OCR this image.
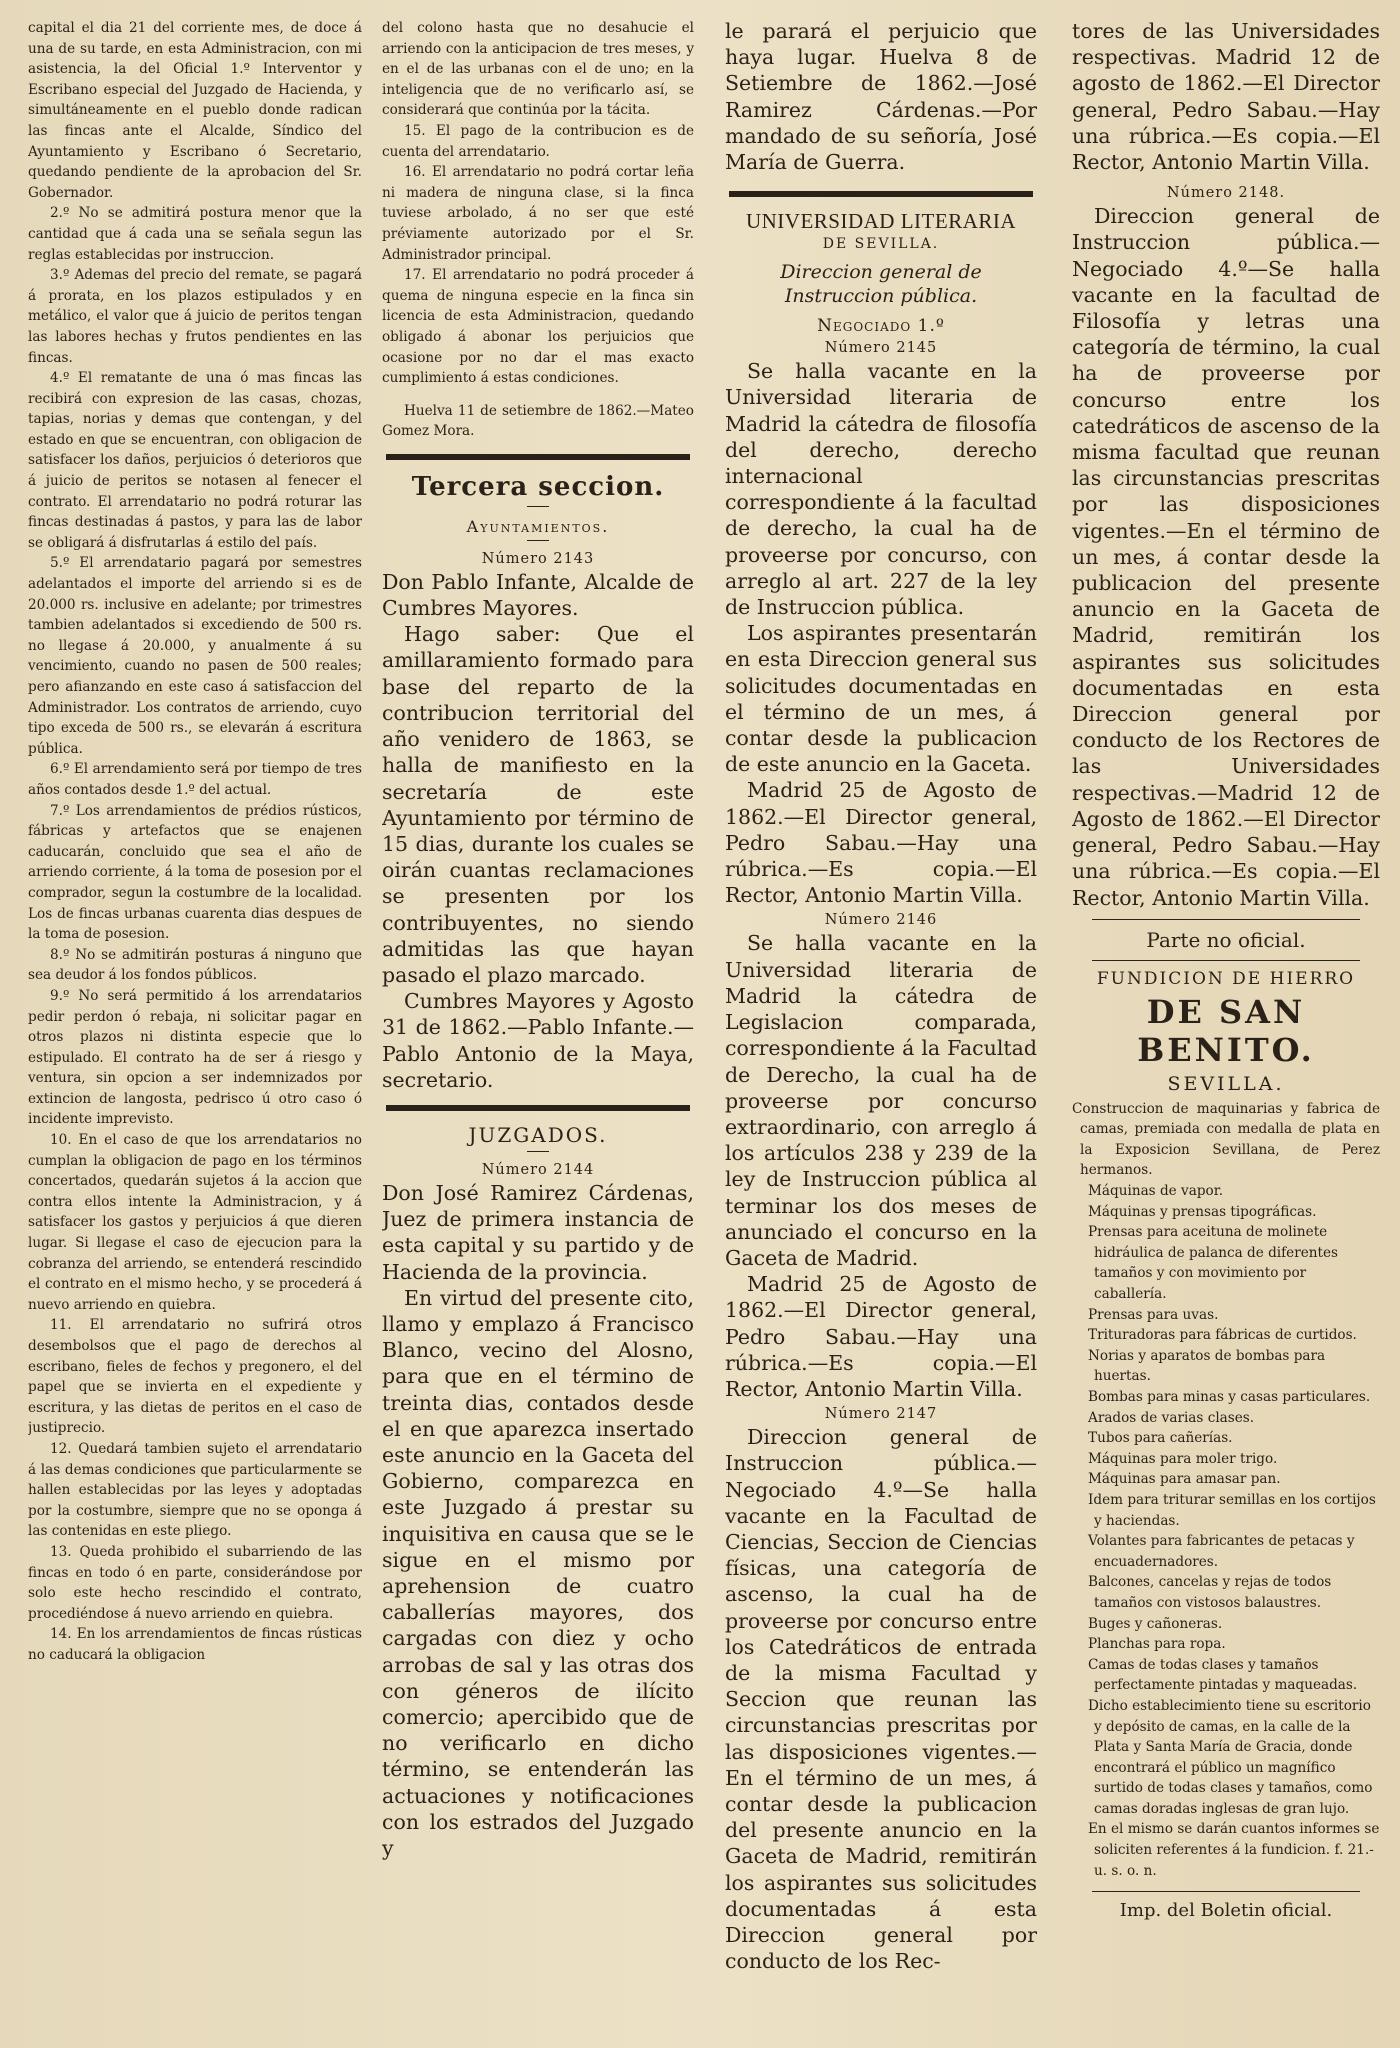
capital el dia 21 del corriente mes, de doce á una de su tarde, en esta Administracion, con mi asistencia, la del Oficial 1.º Interventor y Escribano especial del Juzgado de Hacienda, y simultáneamente en el pueblo donde radican las fincas ante el Alcalde, Síndico del Ayuntamiento y Escribano ó Secretario, quedando pendiente de la aprobacion del Sr. Gobernador.

2.º No se admitirá postura menor que la cantidad que á cada una se señala segun las reglas establecidas por instruccion.

3.º Ademas del precio del remate, se pagará á prorata, en los plazos estipulados y en metálico, el valor que á juicio de peritos tengan las labores hechas y frutos pendientes en las fincas.

4.º El rematante de una ó mas fincas las recibirá con expresion de las casas, chozas, tapias, norias y demas que contengan, y del estado en que se encuentran, con obligacion de satisfacer los daños, perjuicios ó deterioros que á juicio de peritos se notasen al fenecer el contrato. El arrendatario no podrá roturar las fincas destinadas á pastos, y para las de labor se obligará á disfrutarlas á estilo del país.

5.º El arrendatario pagará por semestres adelantados el importe del arriendo si es de 20.000 rs. inclusive en adelante; por trimestres tambien adelantados si excediendo de 500 rs. no llegase á 20.000, y anualmente á su vencimiento, cuando no pasen de 500 reales; pero afianzando en este caso á satisfaccion del Administrador. Los contratos de arriendo, cuyo tipo exceda de 500 rs., se elevarán á escritura pública.

6.º El arrendamiento será por tiempo de tres años contados desde 1.º del actual.

7.º Los arrendamientos de prédios rústicos, fábricas y artefactos que se enajenen caducarán, concluido que sea el año de arriendo corriente, á la toma de posesion por el comprador, segun la costumbre de la localidad. Los de fincas urbanas cuarenta dias despues de la toma de posesion.

8.º No se admitirán posturas á ninguno que sea deudor á los fondos públicos.

9.º No será permitido á los arrendatarios pedir perdon ó rebaja, ni solicitar pagar en otros plazos ni distinta especie que lo estipulado. El contrato ha de ser á riesgo y ventura, sin opcion a ser indemnizados por extincion de langosta, pedrisco ú otro caso ó incidente imprevisto.

10. En el caso de que los arrendatarios no cumplan la obligacion de pago en los términos concertados, quedarán sujetos á la accion que contra ellos intente la Administracion, y á satisfacer los gastos y perjuicios á que dieren lugar. Si llegase el caso de ejecucion para la cobranza del arriendo, se entenderá rescindido el contrato en el mismo hecho, y se procederá á nuevo arriendo en quiebra.

11. El arrendatario no sufrirá otros desembolsos que el pago de derechos al escribano, fieles de fechos y pregonero, el del papel que se invierta en el expediente y escritura, y las dietas de peritos en el caso de justiprecio.

12. Quedará tambien sujeto el arrendatario á las demas condiciones que particularmente se hallen establecidas por las leyes y adoptadas por la costumbre, siempre que no se oponga á las contenidas en este pliego.

13. Queda prohibido el subarriendo de las fincas en todo ó en parte, considerándose por solo este hecho rescindido el contrato, procediéndose á nuevo arriendo en quiebra.

14. En los arrendamientos de fincas rústicas no caducará la obligacion

del colono hasta que no desahucie el arriendo con la anticipacion de tres meses, y en el de las urbanas con el de uno; en la inteligencia que de no verificarlo así, se considerará que continúa por la tácita.

15. El pago de la contribucion es de cuenta del arrendatario.

16. El arrendatario no podrá cortar leña ni madera de ninguna clase, si la finca tuviese arbolado, á no ser que esté préviamente autorizado por el Sr. Administrador principal.

17. El arrendatario no podrá proceder á quema de ninguna especie en la finca sin licencia de esta Administracion, quedando obligado á abonar los perjuicios que ocasione por no dar el mas exacto cumplimiento á estas condiciones.

Huelva 11 de setiembre de 1862.—Mateo Gomez Mora.

Tercera seccion.
Ayuntamientos.
Número 2143

Don Pablo Infante, Alcalde de Cumbres Mayores.

Hago saber: Que el amillaramiento formado para base del reparto de la contribucion territorial del año venidero de 1863, se halla de manifiesto en la secretaría de este Ayuntamiento por término de 15 dias, durante los cuales se oirán cuantas reclamaciones se presenten por los contribuyentes, no siendo admitidas las que hayan pasado el plazo marcado.

Cumbres Mayores y Agosto 31 de 1862.—Pablo Infante.—Pablo Antonio de la Maya, secretario.

JUZGADOS.
Número 2144

Don José Ramirez Cárdenas, Juez de primera instancia de esta capital y su partido y de Hacienda de la provincia.

En virtud del presente cito, llamo y emplazo á Francisco Blanco, vecino del Alosno, para que en el término de treinta dias, contados desde el en que aparezca insertado este anuncio en la Gaceta del Gobierno, comparezca en este Juzgado á prestar su inquisitiva en causa que se le sigue en el mismo por aprehension de cuatro caballerías mayores, dos cargadas con diez y ocho arrobas de sal y las otras dos con géneros de ilícito comercio; apercibido que de no verificarlo en dicho término, se entenderán las actuaciones y notificaciones con los estrados del Juzgado y

le parará el perjuicio que haya lugar. Huelva 8 de Setiembre de 1862.—José Ramirez Cárdenas.—Por mandado de su señoría, José María de Guerra.

UNIVERSIDAD LITERARIA
DE SEVILLA.
Direccion general de Instruccion pública.
Negociado 1.º
Número 2145

Se halla vacante en la Universidad literaria de Madrid la cátedra de filosofía del derecho, derecho internacional correspondiente á la facultad de derecho, la cual ha de proveerse por concurso, con arreglo al art. 227 de la ley de Instruccion pública.

Los aspirantes presentarán en esta Direccion general sus solicitudes documentadas en el término de un mes, á contar desde la publicacion de este anuncio en la Gaceta.

Madrid 25 de Agosto de 1862.—El Director general, Pedro Sabau.—Hay una rúbrica.—Es copia.—El Rector, Antonio Martin Villa.

Número 2146

Se halla vacante en la Universidad literaria de Madrid la cátedra de Legislacion comparada, correspondiente á la Facultad de Derecho, la cual ha de proveerse por concurso extraordinario, con arreglo á los artículos 238 y 239 de la ley de Instruccion pública al terminar los dos meses de anunciado el concurso en la Gaceta de Madrid.

Madrid 25 de Agosto de 1862.—El Director general, Pedro Sabau.—Hay una rúbrica.—Es copia.—El Rector, Antonio Martin Villa.

Número 2147

Direccion general de Instruccion pública.—Negociado 4.º—Se halla vacante en la Facultad de Ciencias, Seccion de Ciencias físicas, una categoría de ascenso, la cual ha de proveerse por concurso entre los Catedráticos de entrada de la misma Facultad y Seccion que reunan las circunstancias prescritas por las disposiciones vigentes.—En el término de un mes, á contar desde la publicacion del presente anuncio en la Gaceta de Madrid, remitirán los aspirantes sus solicitudes documentadas á esta Direccion general por conducto de los Rec-

tores de las Universidades respectivas. Madrid 12 de agosto de 1862.—El Director general, Pedro Sabau.—Hay una rúbrica.—Es copia.—El Rector, Antonio Martin Villa.

Número 2148.

Direccion general de Instruccion pública.—Negociado 4.º—Se halla vacante en la facultad de Filosofía y letras una categoría de término, la cual ha de proveerse por concurso entre los catedráticos de ascenso de la misma facultad que reunan las circunstancias prescritas por las disposiciones vigentes.—En el término de un mes, á contar desde la publicacion del presente anuncio en la Gaceta de Madrid, remitirán los aspirantes sus solicitudes documentadas en esta Direccion general por conducto de los Rectores de las Universidades respectivas.—Madrid 12 de Agosto de 1862.—El Director general, Pedro Sabau.—Hay una rúbrica.—Es copia.—El Rector, Antonio Martin Villa.

Parte no oficial.
FUNDICION DE HIERRO
DE SAN BENITO.
SEVILLA.

Construccion de maquinarias y fabrica de camas, premiada con medalla de plata en la Exposicion Sevillana, de Perez hermanos.

Máquinas de vapor.

Máquinas y prensas tipográficas.

Prensas para aceituna de molinete hidráulica de palanca de diferentes tamaños y con movimiento por caballería.

Prensas para uvas.

Trituradoras para fábricas de curtidos.

Norias y aparatos de bombas para huertas.

Bombas para minas y casas particulares.

Arados de varias clases.

Tubos para cañerías.

Máquinas para moler trigo.

Máquinas para amasar pan.

Idem para triturar semillas en los cortijos y haciendas.

Volantes para fabricantes de petacas y encuadernadores.

Balcones, cancelas y rejas de todos tamaños con vistosos balaustres.

Buges y cañoneras.

Planchas para ropa.

Camas de todas clases y tamaños perfectamente pintadas y maqueadas.

Dicho establecimiento tiene su escritorio y depósito de camas, en la calle de la Plata y Santa María de Gracia, donde encontrará el público un magnífico surtido de todas clases y tamaños, como camas doradas inglesas de gran lujo.

En el mismo se darán cuantos informes se soliciten referentes á la fundicion. f. 21.-u. s. o. n.

Imp. del Boletin oficial.
